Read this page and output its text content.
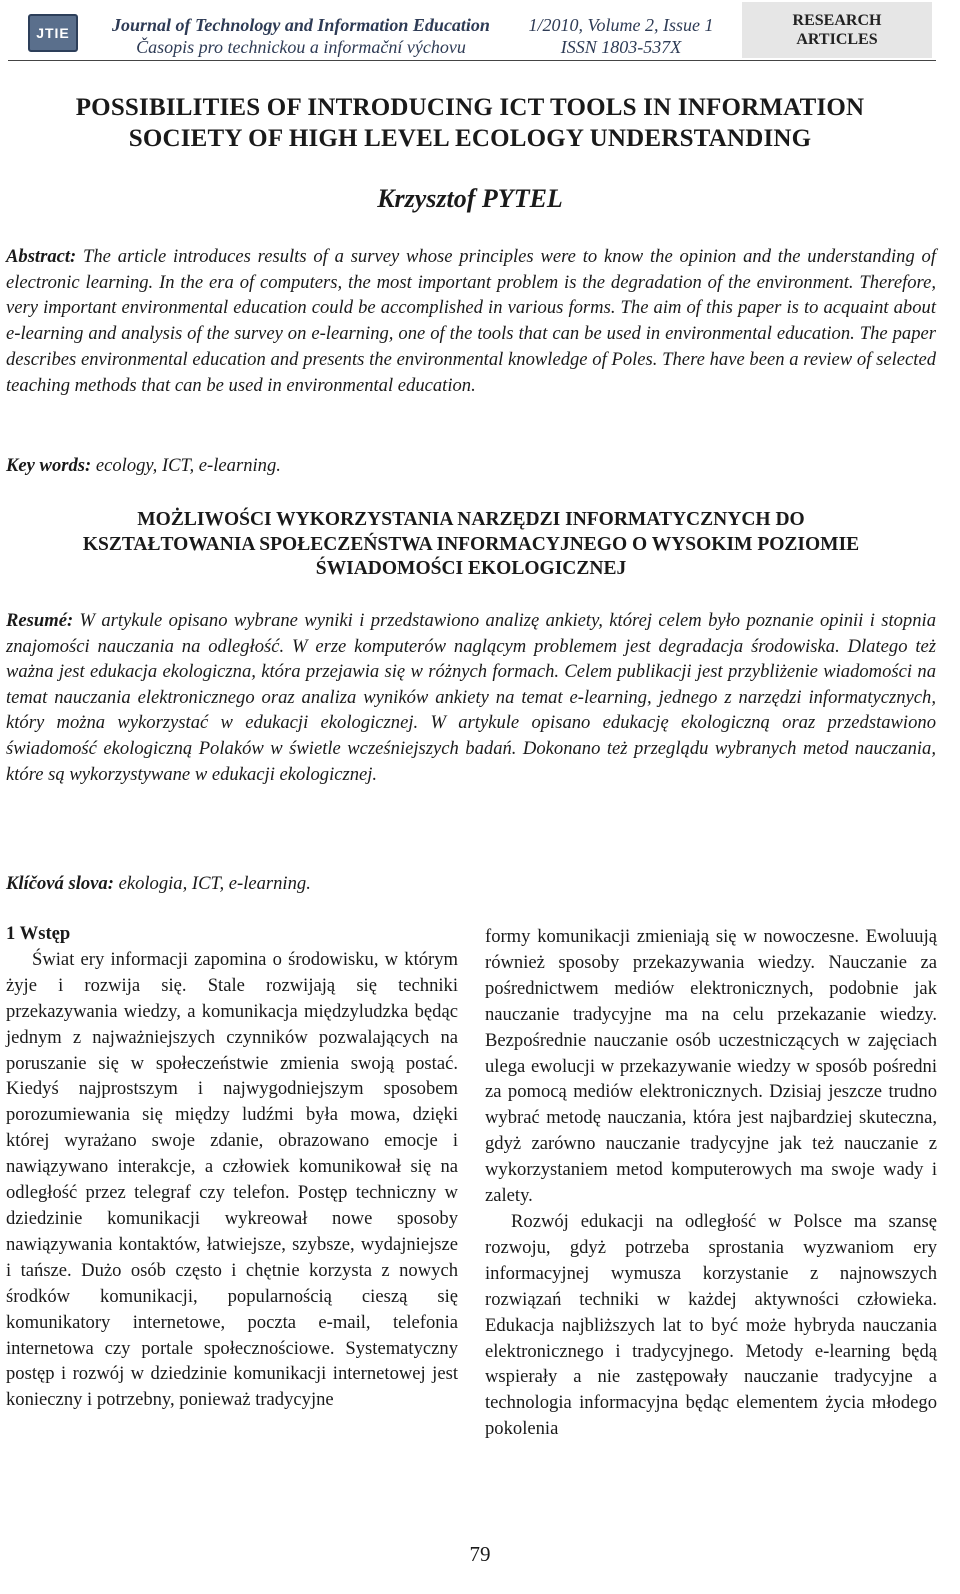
JTIE	Journal of Technology and Information Education
Časopis pro technickou a informační výchovu
1/2010, Volume 2, Issue 1
ISSN 1803-537X
RESEARCH
ARTICLES
POSSIBILITIES OF INTRODUCING ICT TOOLS IN INFORMATION
SOCIETY OF HIGH LEVEL ECOLOGY UNDERSTANDING
Krzysztof PYTEL
Abstract: The article introduces results of a survey whose principles were to know the opinion and the understanding of electronic learning. In the era of computers, the most important problem is the degradation of the environment. Therefore, very important environmental education could be accomplished in various forms. The aim of this paper is to acquaint about e-learning and analysis of the survey on e-learning, one of the tools that can be used in environmental education. The paper describes environmental education and presents the environmental knowledge of Poles. There have been a review of selected teaching methods that can be used in environmental education.
Key words: ecology, ICT, e-learning.
MOŻLIWOŚCI WYKORZYSTANIA NARZĘDZI INFORMATYCZNYCH DO
KSZTAŁTOWANIA SPOŁECZEŃSTWA INFORMACYJNEGO O WYSOKIM POZIOMIE
ŚWIADOMOŚCI EKOLOGICZNEJ
Resumé: W artykule opisano wybrane wyniki i przedstawiono analizę ankiety, której celem było poznanie opinii i stopnia znajomości nauczania na odległość. W erze komputerów naglącym problemem jest degradacja środowiska. Dlatego też ważna jest edukacja ekologiczna, która przejawia się w różnych formach. Celem publikacji jest przybliżenie wiadomości na temat nauczania elektronicznego oraz analiza wyników ankiety na temat e-learning, jednego z narzędzi informatycznych, który można wykorzystać w edukacji ekologicznej. W artykule opisano edukację ekologiczną oraz przedstawiono świadomość ekologiczną Polaków w świetle wcześniejszych badań. Dokonano też przeglądu wybranych metod nauczania, które są wykorzystywane w edukacji ekologicznej.
Klíčová slova: ekologia, ICT, e-learning.

1 Wstęp

Świat ery informacji zapomina o środowisku, w którym żyje i rozwija się. Stale rozwijają się techniki przekazywania wiedzy, a komunikacja międzyludzka będąc jednym z najważniejszych czynników pozwalających na poruszanie się w społeczeństwie zmienia swoją postać. Kiedyś najprostszym i najwygodniejszym sposobem porozumiewania się między ludźmi była mowa, dzięki której wyrażano swoje zdanie, obrazowano emocje i nawiązywano interakcje, a człowiek komunikował się na odległość przez telegraf czy telefon. Postęp techniczny w dziedzinie komunikacji wykreował nowe sposoby nawiązywania kontaktów, łatwiejsze, szybsze, wydajniejsze i tańsze. Dużo osób często i chętnie korzysta z nowych środków komunikacji, popularnością cieszą się komunikatory internetowe, poczta e-mail, telefonia internetowa czy portale społecznościowe. Systematyczny postęp i rozwój w dziedzinie komunikacji internetowej jest konieczny i potrzebny, ponieważ tradycyjne

formy komunikacji zmieniają się w nowoczesne. Ewoluują również sposoby przekazywania wiedzy. Nauczanie za pośrednictwem mediów elektronicznych, podobnie jak nauczanie tradycyjne ma na celu przekazanie wiedzy. Bezpośrednie nauczanie osób uczestniczących w zajęciach ulega ewolucji w przekazywanie wiedzy w sposób pośredni za pomocą mediów elektronicznych. Dzisiaj jeszcze trudno wybrać metodę nauczania, która jest najbardziej skuteczna, gdyż zarówno nauczanie tradycyjne jak też nauczanie z wykorzystaniem metod komputerowych ma swoje wady i zalety.

Rozwój edukacji na odległość w Polsce ma szansę rozwoju, gdyż potrzeba sprostania wyzwaniom ery informacyjnej wymusza korzystanie z najnowszych rozwiązań techniki w każdej aktywności człowieka. Edukacja najbliższych lat to być może hybryda nauczania elektronicznego i tradycyjnego. Metody e-learning będą wspierały a nie zastępowały nauczanie tradycyjne a technologia informacyjna będąc elementem życia młodego pokolenia

79
